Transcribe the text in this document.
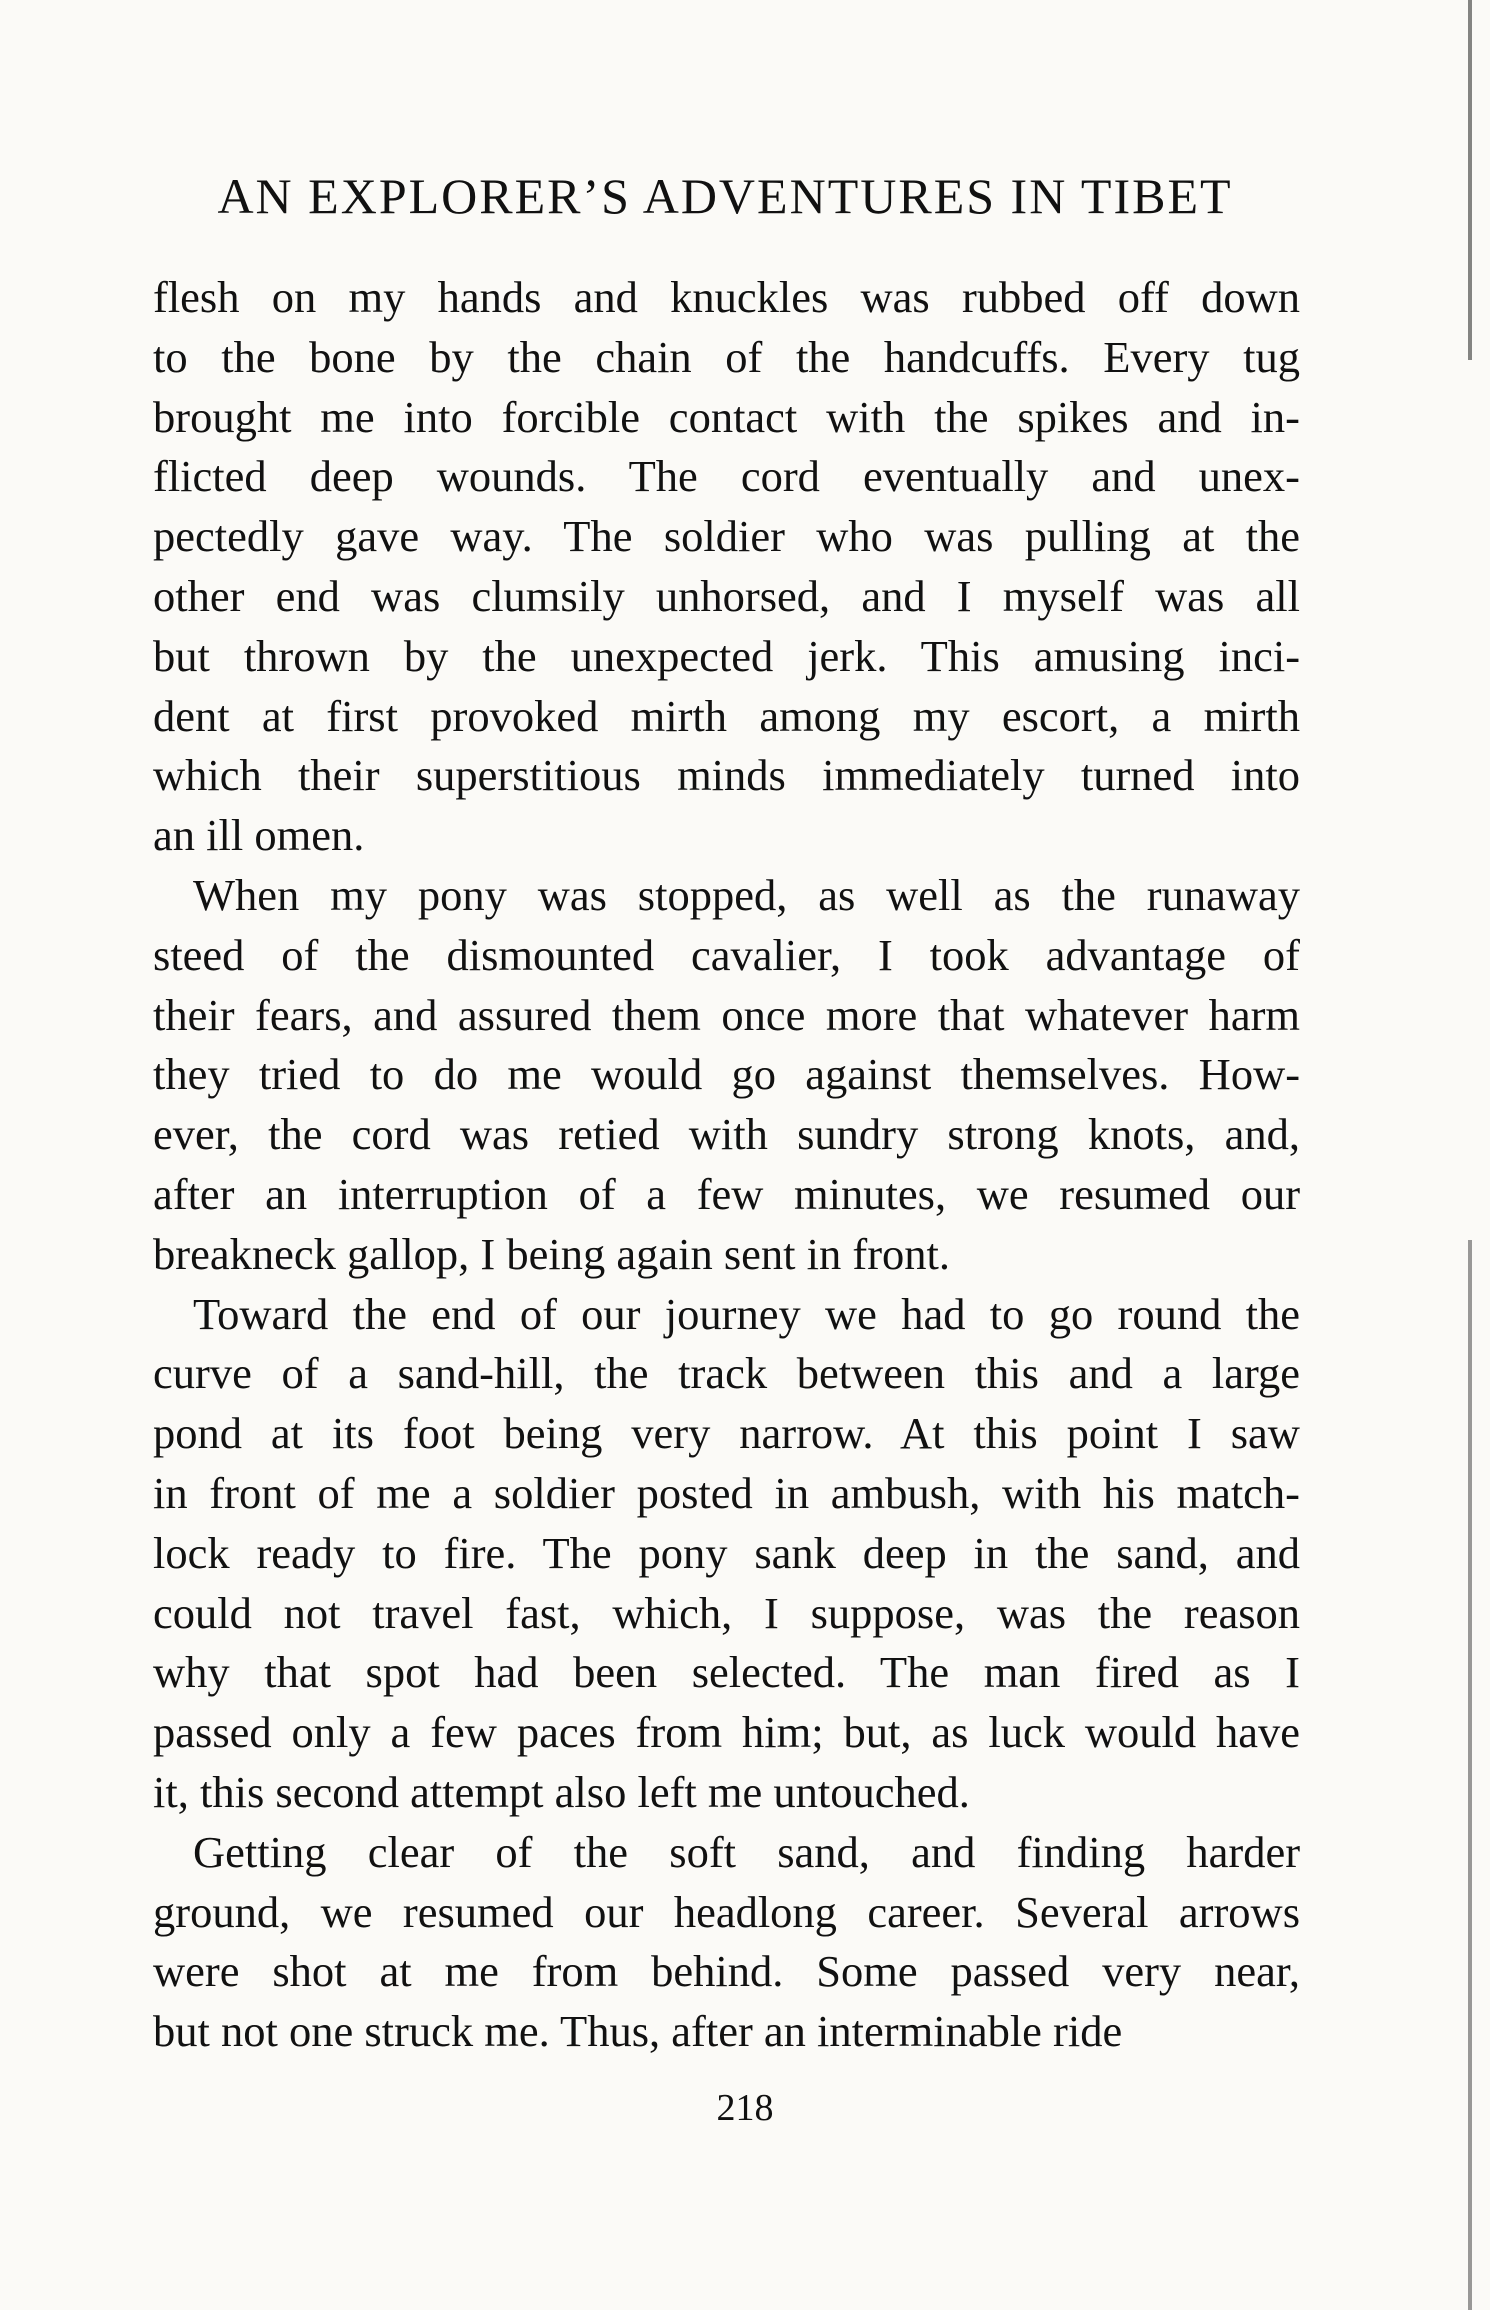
AN EXPLORER’S ADVENTURES IN TIBET

flesh on my hands and knuckles was rubbed off down
to the bone by the chain of the handcuffs. Every tug
brought me into forcible contact with the spikes and in-
flicted deep wounds. The cord eventually and unex-
pectedly gave way. The soldier who was pulling at the
other end was clumsily unhorsed, and I myself was all
but thrown by the unexpected jerk. This amusing inci-
dent at first provoked mirth among my escort, a mirth
which their superstitious minds immediately turned into
an ill omen.

When my pony was stopped, as well as the runaway
steed of the dismounted cavalier, I took advantage of
their fears, and assured them once more that whatever harm
they tried to do me would go against themselves. How-
ever, the cord was retied with sundry strong knots, and,
after an interruption of a few minutes, we resumed our
breakneck gallop, I being again sent in front.

Toward the end of our journey we had to go round the
curve of a sand-hill, the track between this and a large
pond at its foot being very narrow. At this point I saw
in front of me a soldier posted in ambush, with his match-
lock ready to fire. The pony sank deep in the sand, and
could not travel fast, which, I suppose, was the reason
why that spot had been selected. The man fired as I
passed only a few paces from him; but, as luck would have
it, this second attempt also left me untouched.

Getting clear of the soft sand, and finding harder
ground, we resumed our headlong career. Several arrows
were shot at me from behind. Some passed very near,
but not one struck me. Thus, after an interminable ride

218
